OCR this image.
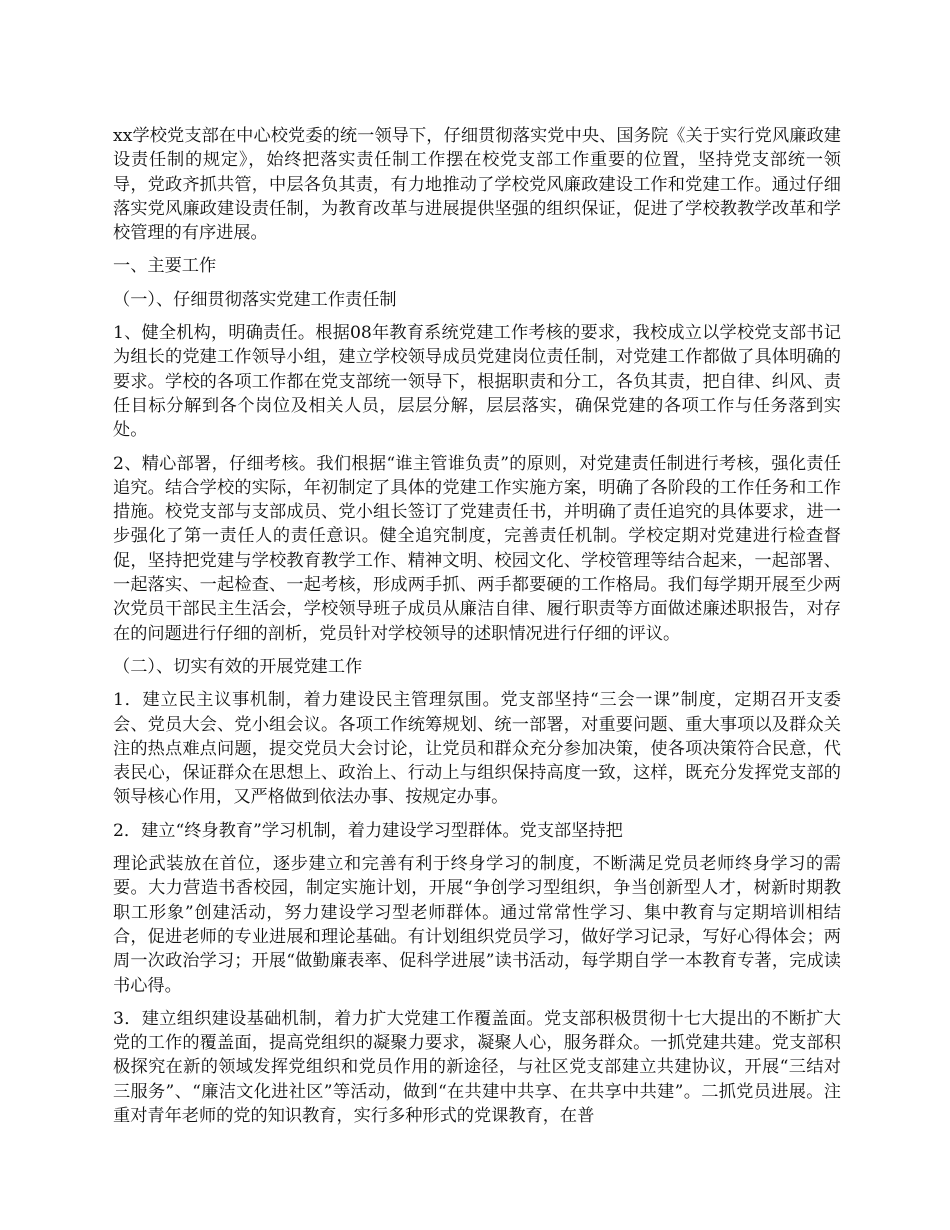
xx学校党支部在中心校党委的统一领导下，仔细贯彻落实党中央、国务院《关于实行党风廉政建设责任制的规定》，始终把落实责任制工作摆在校党支部工作重要的位置，坚持党支部统一领导，党政齐抓共管，中层各负其责，有力地推动了学校党风廉政建设工作和党建工作。通过仔细落实党风廉政建设责任制，为教育改革与进展提供坚强的组织保证，促进了学校教教学改革和学校管理的有序进展。

一、主要工作

（一）、仔细贯彻落实党建工作责任制

1、健全机构，明确责任。根据08年教育系统党建工作考核的要求，我校成立以学校党支部书记为组长的党建工作领导小组，建立学校领导成员党建岗位责任制，对党建工作都做了具体明确的要求。学校的各项工作都在党支部统一领导下，根据职责和分工，各负其责，把自律、纠风、责任目标分解到各个岗位及相关人员，层层分解，层层落实，确保党建的各项工作与任务落到实处。

2、精心部署，仔细考核。我们根据“谁主管谁负责”的原则，对党建责任制进行考核，强化责任追究。结合学校的实际，年初制定了具体的党建工作实施方案，明确了各阶段的工作任务和工作措施。校党支部与支部成员、党小组长签订了党建责任书，并明确了责任追究的具体要求，进一步强化了第一责任人的责任意识。健全追究制度，完善责任机制。学校定期对党建进行检查督促，坚持把党建与学校教育教学工作、精神文明、校园文化、学校管理等结合起来，一起部署、一起落实、一起检查、一起考核，形成两手抓、两手都要硬的工作格局。我们每学期开展至少两次党员干部民主生活会，学校领导班子成员从廉洁自律、履行职责等方面做述廉述职报告，对存在的问题进行仔细的剖析，党员针对学校领导的述职情况进行仔细的评议。

（二）、切实有效的开展党建工作

1．建立民主议事机制，着力建设民主管理氛围。党支部坚持“三会一课”制度，定期召开支委会、党员大会、党小组会议。各项工作统筹规划、统一部署，对重要问题、重大事项以及群众关注的热点难点问题，提交党员大会讨论，让党员和群众充分参加决策，使各项决策符合民意，代表民心，保证群众在思想上、政治上、行动上与组织保持高度一致，这样，既充分发挥党支部的领导核心作用，又严格做到依法办事、按规定办事。

2．建立“终身教育”学习机制，着力建设学习型群体。党支部坚持把

理论武装放在首位，逐步建立和完善有利于终身学习的制度，不断满足党员老师终身学习的需要。大力营造书香校园，制定实施计划，开展“争创学习型组织，争当创新型人才，树新时期教职工形象”创建活动，努力建设学习型老师群体。通过常常性学习、集中教育与定期培训相结合，促进老师的专业进展和理论基础。有计划组织党员学习，做好学习记录，写好心得体会；两周一次政治学习；开展“做勤廉表率、促科学进展”读书活动，每学期自学一本教育专著，完成读书心得。

3．建立组织建设基础机制，着力扩大党建工作覆盖面。党支部积极贯彻十七大提出的不断扩大党的工作的覆盖面，提高党组织的凝聚力要求，凝聚人心，服务群众。一抓党建共建。党支部积极探究在新的领域发挥党组织和党员作用的新途径，与社区党支部建立共建协议，开展“三结对三服务”、“廉洁文化进社区”等活动，做到“在共建中共享、在共享中共建”。二抓党员进展。注重对青年老师的党的知识教育，实行多种形式的党课教育，在普
